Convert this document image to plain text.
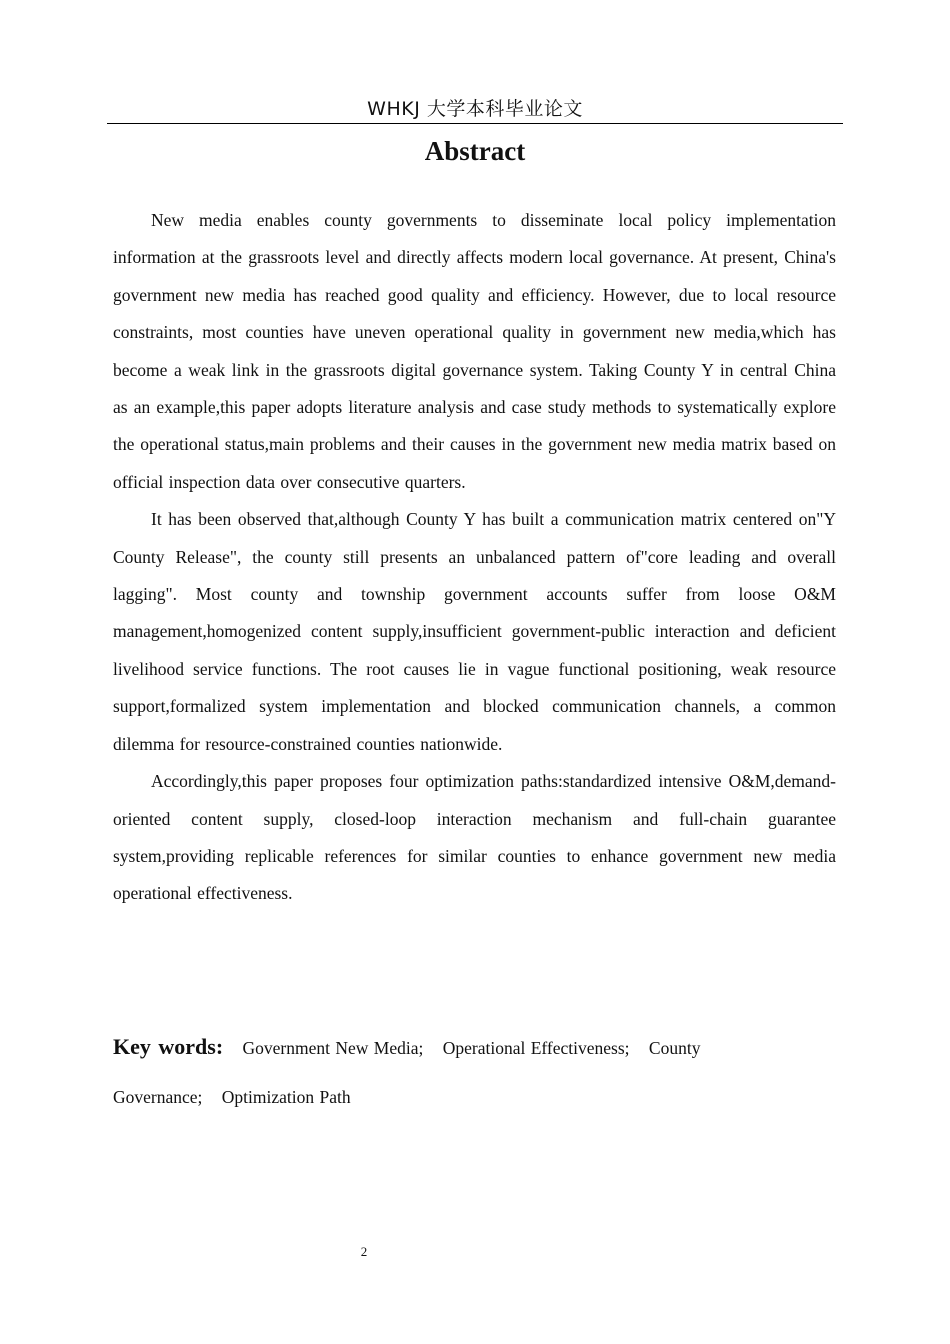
WHKJ 大学本科毕业论文
Abstract

New media enables county governments to disseminate local policy implementation information at the grassroots level and directly affects modern local governance. At present, China's government new media has reached good quality and efficiency. However, due to local resource constraints, most counties have uneven operational quality in government new media,which has become a weak link in the grassroots digital governance system. Taking County Y in central China as an example,this paper adopts literature analysis and case study methods to systematically explore the operational status,main problems and their causes in the government new media matrix based on official inspection data over consecutive quarters.

It has been observed that,although County Y has built a communication matrix centered on"Y County Release", the county still presents an unbalanced pattern of"core leading and overall lagging". Most county and township government accounts suffer from loose O&M management,homogenized content supply,insufficient government-public interaction and deficient livelihood service functions. The root causes lie in vague functional positioning, weak resource support,formalized system implementation and blocked communication channels, a common dilemma for resource-constrained counties nationwide.

Accordingly,this paper proposes four optimization paths:standardized intensive O&M,demand-oriented content supply, closed-loop interaction mechanism and full-chain guarantee system,providing replicable references for similar counties to enhance government new media operational effectiveness.

Key words: Government New Media; Operational Effectiveness; County Governance; Optimization Path
2
